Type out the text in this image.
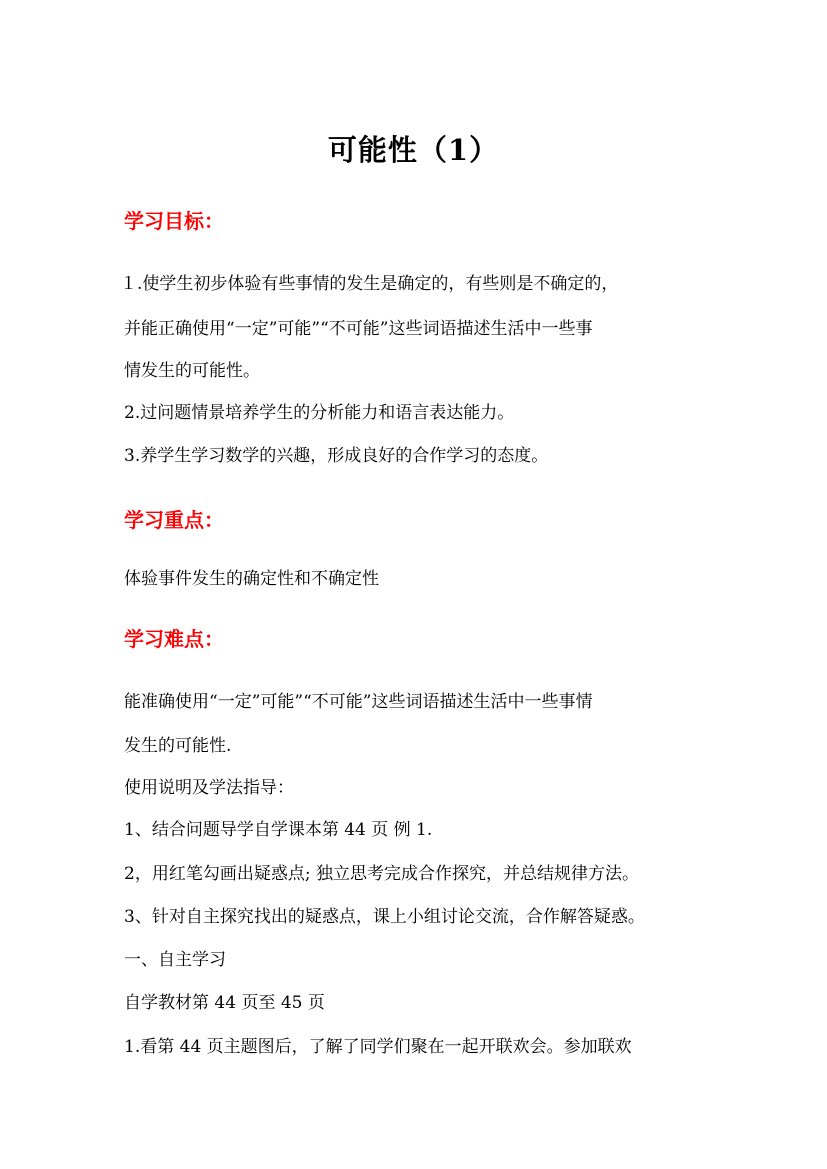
可能性（1）
学习目标：
１.使学生初步体验有些事情的发生是确定的，有些则是不确定的，
并能正确使用“一定”可能”“不可能”这些词语描述生活中一些事
情发生的可能性。
2.过问题情景培养学生的分析能力和语言表达能力。
3.养学生学习数学的兴趣，形成良好的合作学习的态度。
学习重点：
体验事件发生的确定性和不确定性
学习难点：
能准确使用“一定”可能”“不可能”这些词语描述生活中一些事情
发生的可能性.
使用说明及学法指导：
1、结合问题导学自学课本第 44 页 例 1.
2，用红笔勾画出疑惑点; 独立思考完成合作探究，并总结规律方法。
3、针对自主探究找出的疑惑点，课上小组讨论交流，合作解答疑惑。
一、自主学习
自学教材第 44 页至 45 页
1.看第 44 页主题图后，了解了同学们聚在一起开联欢会。参加联欢
